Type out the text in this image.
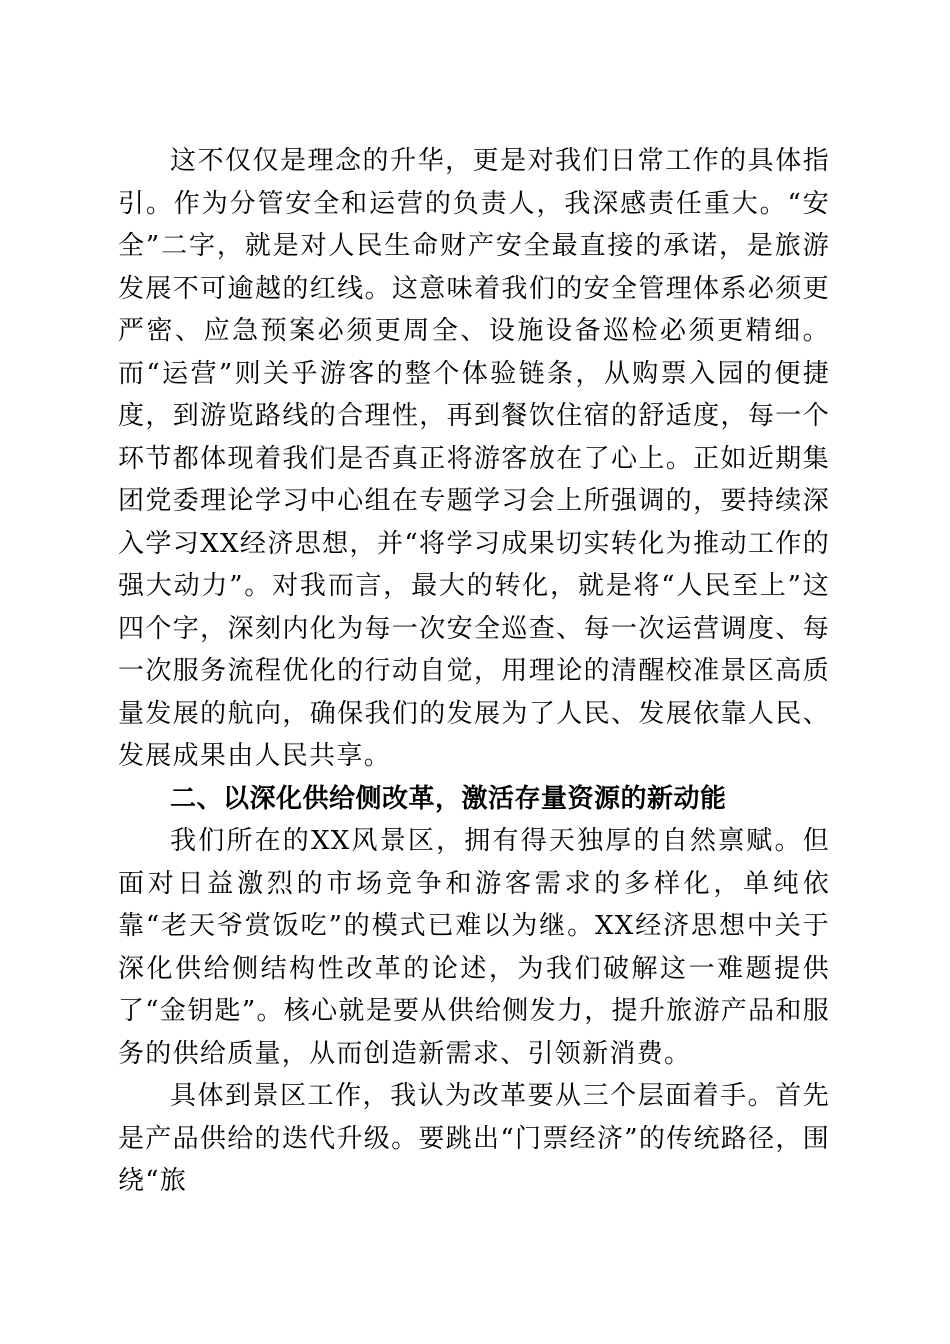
这不仅仅是理念的升华，更是对我们日常工作的具体指引。作为分管安全和运营的负责人，我深感责任重大。“安全”二字，就是对人民生命财产安全最直接的承诺，是旅游发展不可逾越的红线。这意味着我们的安全管理体系必须更严密、应急预案必须更周全、设施设备巡检必须更精细。而“运营”则关乎游客的整个体验链条，从购票入园的便捷度，到游览路线的合理性，再到餐饮住宿的舒适度，每一个环节都体现着我们是否真正将游客放在了心上。正如近期集团党委理论学习中心组在专题学习会上所强调的，要持续深入学习XX经济思想，并“将学习成果切实转化为推动工作的强大动力”。对我而言，最大的转化，就是将“人民至上”这四个字，深刻内化为每一次安全巡查、每一次运营调度、每一次服务流程优化的行动自觉，用理论的清醒校准景区高质量发展的航向，确保我们的发展为了人民、发展依靠人民、发展成果由人民共享。

二、以深化供给侧改革，激活存量资源的新动能

我们所在的XX风景区，拥有得天独厚的自然禀赋。但面对日益激烈的市场竞争和游客需求的多样化，单纯依靠“老天爷赏饭吃”的模式已难以为继。XX经济思想中关于深化供给侧结构性改革的论述，为我们破解这一难题提供了“金钥匙”。核心就是要从供给侧发力，提升旅游产品和服务的供给质量，从而创造新需求、引领新消费。

具体到景区工作，我认为改革要从三个层面着手。首先是产品供给的迭代升级。要跳出“门票经济”的传统路径，围绕“旅
